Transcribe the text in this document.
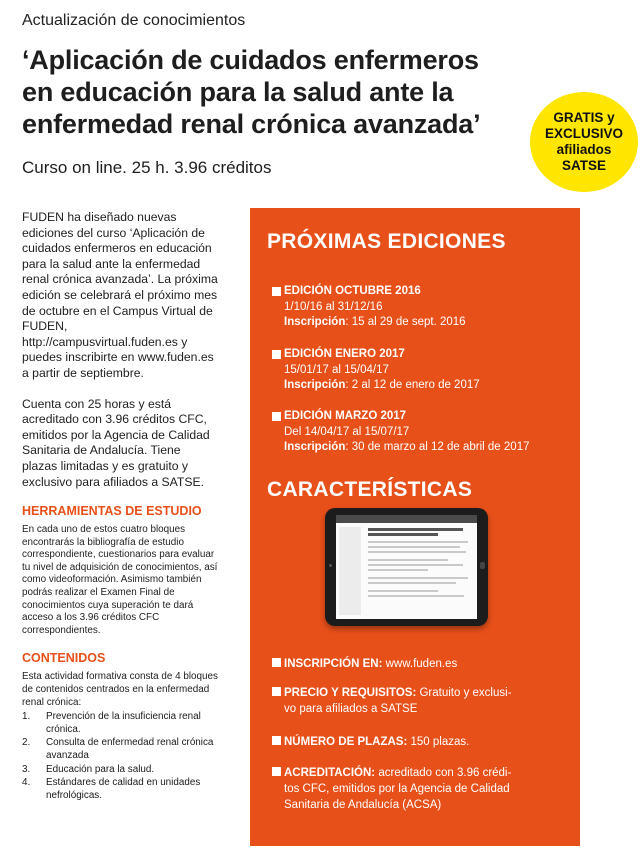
Actualización de conocimientos
‘Aplicación de cuidados enfermeros
en educación para la salud ante la
enfermedad renal crónica avanzada’
Curso on line. 25 h. 3.96 créditos
GRATIS y
EXCLUSIVO
afiliados
SATSE

FUDEN ha diseñado nuevas ediciones del curso ‘Aplicación de cuidados enfermeros en educación para la salud ante la enfermedad renal crónica avanzada’. La próxima edición se celebrará el próximo mes de octubre en el Campus Virtual de FUDEN, http://campusvirtual.fuden.es y puedes inscribirte en www.fuden.es a partir de septiembre.

Cuenta con 25 horas y está acreditado con 3.96 créditos CFC, emitidos por la Agencia de Calidad Sanitaria de Andalucía. Tiene plazas limitadas y es gratuito y exclusivo para afiliados a SATSE.

HERRAMIENTAS DE ESTUDIO

En cada uno de estos cuatro bloques encontrarás la bibliografía de estudio correspondiente, cuestionarios para evaluar tu nivel de adquisición de conocimientos, así como videoformación. Asimismo también podrás realizar el Examen Final de conocimientos cuya superación te dará acceso a los 3.96 créditos CFC correspondientes.

CONTENIDOS

Esta actividad formativa consta de 4 bloques de contenidos centrados en la enfermedad renal crónica:

1.	Prevención de la insuficiencia renal crónica.
2.	Consulta de enfermedad renal crónica avanzada
3.	Educación para la salud.
4.	Estándares de calidad en unidades nefrológicas.
PRÓXIMAS EDICIONES
EDICIÓN OCTUBRE 2016
1/10/16 al 31/12/16
Inscripción: 15 al 29 de sept. 2016
EDICIÓN ENERO 2017
15/01/17 al 15/04/17
Inscripción: 2 al 12 de enero de 2017
EDICIÓN MARZO 2017
Del 14/04/17 al 15/07/17
Inscripción: 30 de marzo al 12 de abril de 2017
CARACTERÍSTICAS
INSCRIPCIÓN EN: www.fuden.es
PRECIO Y REQUISITOS: Gratuito y exclusi-
vo para afiliados a SATSE
NÚMERO DE PLAZAS: 150 plazas.
ACREDITACIÓN: acreditado con 3.96 crédi-
tos CFC, emitidos por la Agencia de Calidad
Sanitaria de Andalucía (ACSA)
